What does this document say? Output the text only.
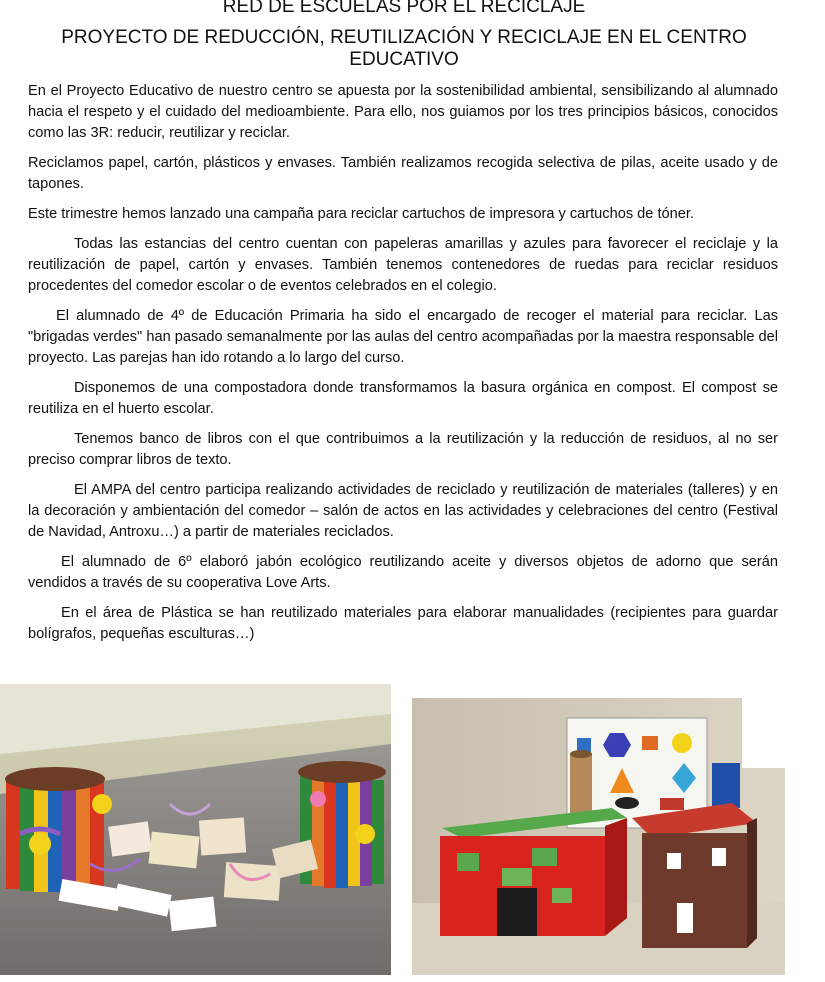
RED DE ESCUELAS POR EL RECICLAJE
PROYECTO DE REDUCCIÓN, REUTILIZACIÓN Y RECICLAJE EN EL CENTRO EDUCATIVO

En el Proyecto Educativo de nuestro centro se apuesta por la sostenibilidad ambiental, sensibilizando al alumnado hacia el respeto y el cuidado del medioambiente. Para ello, nos guiamos por los tres principios básicos, conocidos como las 3R: reducir, reutilizar y reciclar.

Reciclamos papel, cartón, plásticos y envases. También realizamos recogida selectiva de pilas, aceite usado y de tapones.

Este trimestre hemos lanzado una campaña para reciclar cartuchos de impresora y cartuchos de tóner.

Todas las estancias del centro cuentan con papeleras amarillas y azules para favorecer el reciclaje y la reutilización de papel, cartón y envases. También tenemos contenedores de ruedas para reciclar residuos procedentes del comedor escolar o de eventos celebrados en el colegio.

El alumnado de 4º de Educación Primaria ha sido el encargado de recoger el material para reciclar. Las "brigadas verdes" han pasado semanalmente por las aulas del centro acompañadas por la maestra responsable del proyecto. Las parejas han ido rotando a lo largo del curso.

Disponemos de una compostadora donde transformamos la basura orgánica en compost. El compost se reutiliza en el huerto escolar.

Tenemos banco de libros con el que contribuimos a la reutilización y la reducción de residuos, al no ser preciso comprar libros de texto.

El AMPA del centro participa realizando actividades de reciclado y reutilización de materiales (talleres) y en la decoración y ambientación del comedor – salón de actos en las actividades y celebraciones del centro (Festival de Navidad, Antroxu…) a partir de materiales reciclados.

El alumnado de 6º elaboró jabón ecológico reutilizando aceite y diversos objetos de adorno que serán vendidos a través de su cooperativa Love Arts.

En el área de Plástica se han reutilizado materiales para elaborar manualidades (recipientes para guardar bolígrafos, pequeñas esculturas…)
